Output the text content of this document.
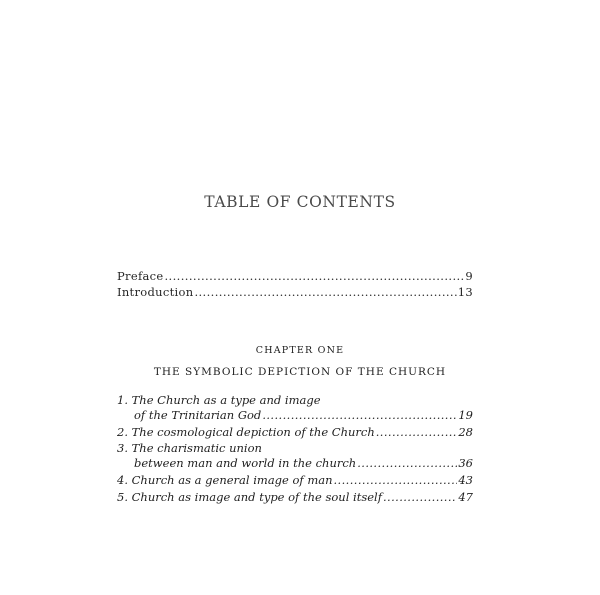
TABLE OF CONTENTS
Preface .....	9
Introduction .....	13
CHAPTER ONE
THE SYMBOLIC DEPICTION OF THE CHURCH
1. The Church as a type and image
of the Trinitarian God .....	19
2. The cosmological depiction of the Church .....	28
3. The charismatic union
between man and world in the church .....	36
4. Church as a general image of man .....	43
5. Church as image and type of the soul itself .....	47
